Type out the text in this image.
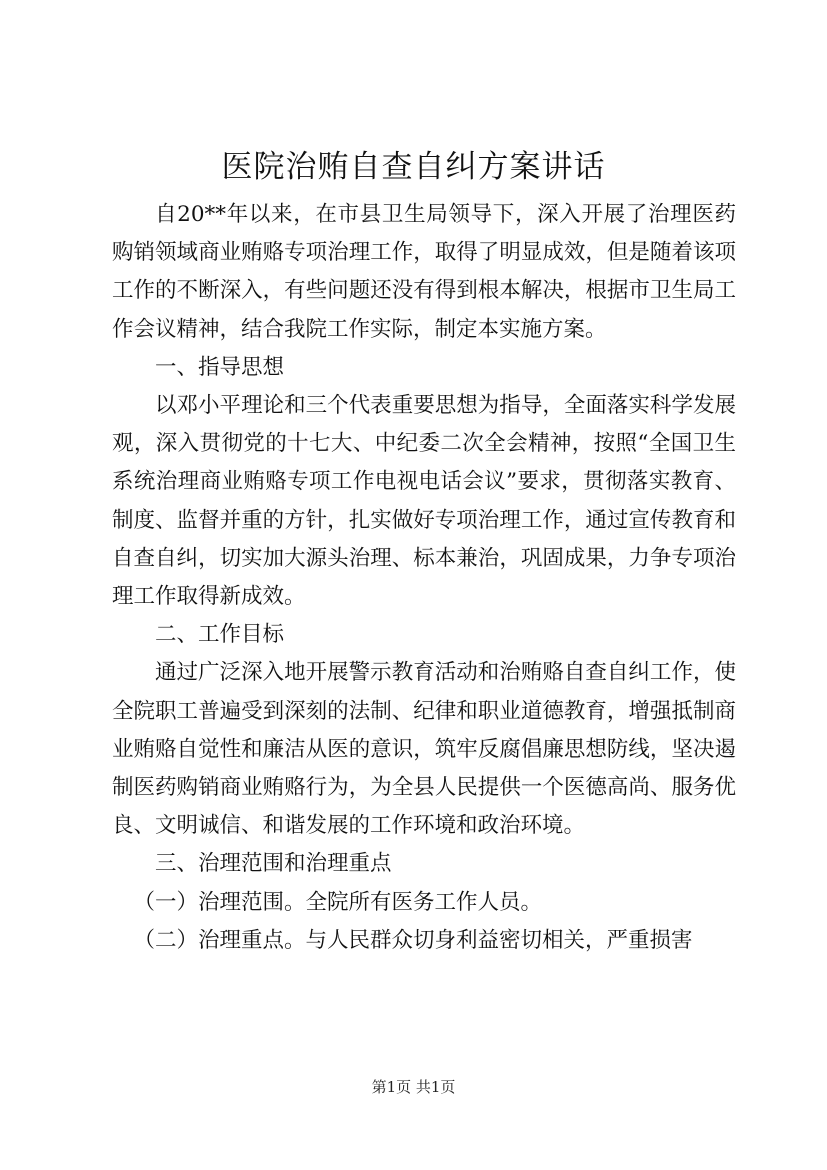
医院治贿自查自纠方案讲话

自20**年以来，在市县卫生局领导下，深入开展了治理医药购销领域商业贿赂专项治理工作，取得了明显成效，但是随着该项工作的不断深入，有些问题还没有得到根本解决，根据市卫生局工作会议精神，结合我院工作实际，制定本实施方案。

一、指导思想

以邓小平理论和三个代表重要思想为指导，全面落实科学发展观，深入贯彻党的十七大、中纪委二次全会精神，按照“全国卫生系统治理商业贿赂专项工作电视电话会议”要求，贯彻落实教育、制度、监督并重的方针，扎实做好专项治理工作，通过宣传教育和自查自纠，切实加大源头治理、标本兼治，巩固成果，力争专项治理工作取得新成效。

二、工作目标

通过广泛深入地开展警示教育活动和治贿赂自查自纠工作，使全院职工普遍受到深刻的法制、纪律和职业道德教育，增强抵制商业贿赂自觉性和廉洁从医的意识，筑牢反腐倡廉思想防线，坚决遏制医药购销商业贿赂行为，为全县人民提供一个医德高尚、服务优良、文明诚信、和谐发展的工作环境和政治环境。

三、治理范围和治理重点

（一）治理范围。全院所有医务工作人员。

（二）治理重点。与人民群众切身利益密切相关，严重损害

第1页 共1页
